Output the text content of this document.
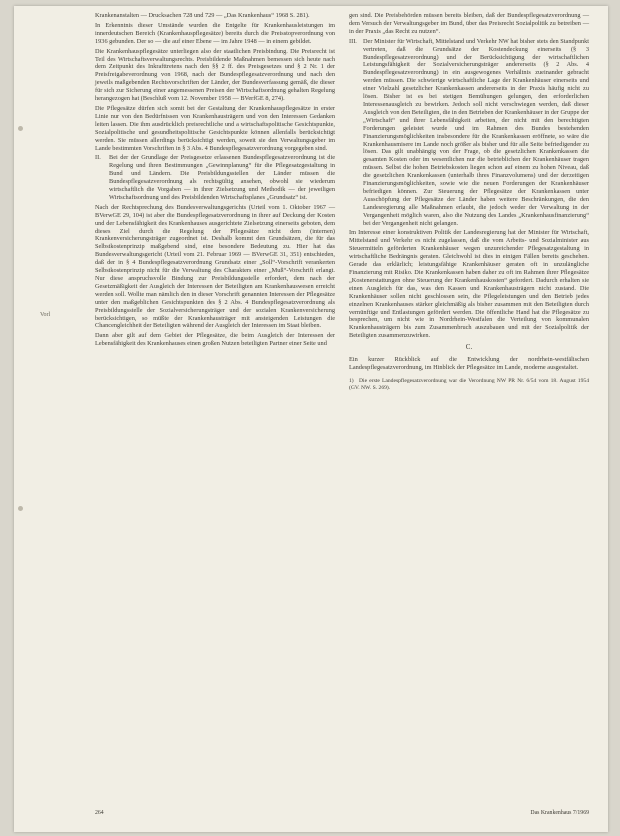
Vorl

Krankenanstalten — Drucksachen 728 und 729 — „Das Krankenhaus“ 1968 S. 281).

In Erkenntnis dieser Umstände wurden die Entgelte für Krankenhausleistungen im innerdeutschen Bereich (Krankenhauspflegesätze) bereits durch die Preisstopverordnung von 1936 gebunden. Der so — die auf einer Ebene — im Jahre 1948 — in einem gebildet.

Die Krankenhauspflegesätze unterliegen also der staatlichen Preisbindung. Die Preisrecht ist Teil des Wirtschaftsverwaltungsrechts. Preisbildende Maßnahmen bemessen sich heute nach dem Zeitpunkt des Inkrafttretens nach den §§ 2 ff. des Preisgesetzes und § 2 Nr. 1 der Preisfreigabeverordnung von 1968, nach der Bundespflegesatzverordnung und nach den jeweils maßgebenden Rechtsvorschriften der Länder, der Bundesverfassung gemäß, die dieser für sich zur Sicherung einer angemessenen Preisen der Wirtschaftsordnung gehalten Regelung herangezogen hat (Beschluß vom 12. November 1958 — BVerfGE 8, 274).

Die Pflegesätze dürfen sich somit bei der Gestaltung der Krankenhauspflegesätze in erster Linie nur von den Bedürfnissen von Krankenhausträgern und von den Interessen Gedanken leiten lassen. Die ihm ausdrücklich preisrechtliche und a wirtschaftspolitische Gesichtspunkte, Sozialpolitische und gesundheitspolitische Gesichtspunkte können allenfalls berücksichtigt werden. Sie müssen allerdings berücksichtigt werden, soweit sie den Verwaltungsgeber im Lande bestimmten Vorschriften in § 3 Abs. 4 Bundespflegesatzverordnung vorgegeben sind.

II. Bei der der Grundlage der Preisgesetze erlassenen Bundespflegesatzverordnung ist die Regelung und ihren Bestimmungen „Gewinnplanung“ für die Pflegesatzgestaltung in Bund und Ländern. Die Preisbildungsstellen der Länder müssen die Bundespflegesatzverordnung als rechtsgültig ansehen, obwohl sie wiederum wirtschaftlich die Vorgaben — in ihrer Zielsetzung und Methodik — der jeweiligen Wirtschaftsordnung und des Preisbildenden Wirtschaftsplanes „Grundsatz“ ist.

Nach der Rechtsprechung des Bundesverwaltungsgerichts (Urteil vom 1. Oktober 1967 — BVerwGE 29, 104) ist aber die Bundespflegesatzverordnung in ihrer auf Deckung der Kosten und der Lebensfähigkeit des Krankenhauses ausgerichtete Zielsetzung einerseits geboten, dem dieses Ziel durch die Regelung der Pflegesätze nicht dem (internen) Krankenversicherungsträger zugeordnet ist. Deshalb kommt den Grundsätzen, die für das Selbstkostenprinzip maßgebend sind, eine besondere Bedeutung zu. Hier hat das Bundesverwaltungsgericht (Urteil vom 21. Februar 1969 — BVerwGE 31, 351) entschieden, daß der in § 4 Bundespflegesatzverordnung Grundsatz einer „Soll“-Vorschrift verankerten Selbstkostenprinzip nicht für die Verwaltung des Charakters einer „Muß“-Vorschrift erlangt. Nur diese anspruchsvolle Bindung zur Preisbildungsstelle erfordert, dem nach der Gesetzmäßigkeit der Ausgleich der Interessen der Beteiligten am Krankenhauswesen erreicht werden soll. Wollte man nämlich den in dieser Vorschrift genannten Interessen der Pflegesätze unter den maßgeblichen Gesichtspunkten des § 2 Abs. 4 Bundespflegesatzverordnung als Preisbildungsstelle der Sozialversicherungsträger und der sozialen Krankenversicherung berücksichtigen, so müßte der Krankenhausträger mit ansteigenden Leistungen die Chancengleichheit der Beteiligten während der Ausgleich der Interessen im Staat bleiben.

Dann aber gilt auf dem Gebiet der Pflegesätze, die beim Ausgleich der Interessen der Lebensfähigkeit des Krankenhauses einen großen Nutzen beteiligten Partner einer Seite und

gen sind. Die Preisbehörden müssen bereits bleiben, daß der Bundespflegesatzverordnung — dem Versuch der Verwaltungsgeber im Bund, über das Preisrecht Sozialpolitik zu betreiben — in der Praxis „das Recht zu nutzen“.

III. Der Minister für Wirtschaft, Mittelstand und Verkehr NW hat bisher stets den Standpunkt vertreten, daß die Grundsätze der Kostendeckung einerseits (§ 3 Bundespflegesatzverordnung) und der Berücksichtigung der wirtschaftlichen Leistungsfähigkeit der Sozialversicherungsträger andererseits (§ 2 Abs. 4 Bundespflegesatzverordnung) in ein ausgewogenes Verhältnis zueinander gebracht werden müssen. Die schwierige wirtschaftliche Lage der Krankenhäuser einerseits und einer Vielzahl gesetzlicher Krankenkassen andererseits in der Praxis häufig nicht zu lösen. Bisher ist es bei stetigen Bemühungen gelungen, den erforderlichen Interessenausgleich zu bewirken. Jedoch soll nicht verschwiegen werden, daß dieser Ausgleich von den Beteiligten, die in den Betrieben der Krankenhäuser in der Gruppe der „Wirtschaft“ und ihrer Lebensfähigkeit arbeiten, der nicht mit den berechtigten Forderungen geleistet wurde und im Rahmen des Bundes bestehenden Finanzierungsmöglichkeiten insbesondere für die Krankenkassen eröffnete, so wäre die Krankenhausmisere im Lande noch größer als bisher und für alle Seite befriedigender zu lösen. Das gilt unabhängig von der Frage, ob die gesetzlichen Krankenkassen die gesamten Kosten oder im wesentlichen nur die betrieblichen der Krankenhäuser tragen müssen. Selbst die hohen Betriebskosten liegen schon auf einem zu hohen Niveau, daß die gesetzlichen Krankenkassen (unterhalb ihres Finanzvolumens) und der derzeitigen Finanzierungsmöglichkeiten, sowie wie die neuen Forderungen der Krankenhäuser befriedigen können. Zur Steuerung der Pflegesätze der Krankenkassen unter Ausschöpfung der Pflegesätze der Länder haben weitere Beschränkungen, die den Landesregierung alle Maßnahmen erlaubt, die jedoch weder der Verwaltung in der Vergangenheit möglich waren, also die Nutzung des Landes „Krankenhausfinanzierung“ bei der Vergangenheit nicht gelangen.

Im Interesse einer konstruktiven Politik der Landesregierung hat der Minister für Wirtschaft, Mittelstand und Verkehr es nicht zugelassen, daß die vom Arbeits- und Sozialminister aus Steuermitteln geförderten Krankenhäuser wegen unzureichender Pflegesatzgestaltung in wirtschaftliche Bedrängnis geraten. Gleichwohl ist dies in einigen Fällen bereits geschehen. Gerade das erklärlich; leistungsfähige Krankenhäuser geraten oft in unzulängliche Finanzierung mit Risiko. Die Krankenkassen haben daher zu oft im Rahmen ihrer Pflegesätze „Kostenerstattungen ohne Steuerung der Krankenhauskosten“ gefordert. Dadurch erhalten sie einen Ausgleich für das, was den Kassen und Krankenhausträgern nicht zustand. Die Krankenhäuser sollen nicht geschlossen sein, die Pflegeleistungen und den Betrieb jedes einzelnen Krankenhauses stärker gleichmäßig als bisher zusammen mit den Beteiligten durch vernünftige und Entlastungen gefördert werden. Die öffentliche Hand hat die Pflegesätze zu besprechen, um nicht wie in Nordrhein-Westfalen die Verteilung von kommunalen Krankenhausträgern bis zum Zusammenbruch auszubauen und mit der Sozialpolitik der Beteiligten zusammenzuwirken.

C.

Ein kurzer Rückblick auf die Entwicklung der nordrhein-westfälischen Landespflegesatzverordnung, im Hinblick der Pflegesätze im Lande, moderne ausgestaltet.

1) Die erste Landespflegesatzverordnung war die Verordnung NW PR Nr. 6/54 vom 18. August 1954 (GV. NW. S. 269).
264	Das Krankenhaus 7/1969
